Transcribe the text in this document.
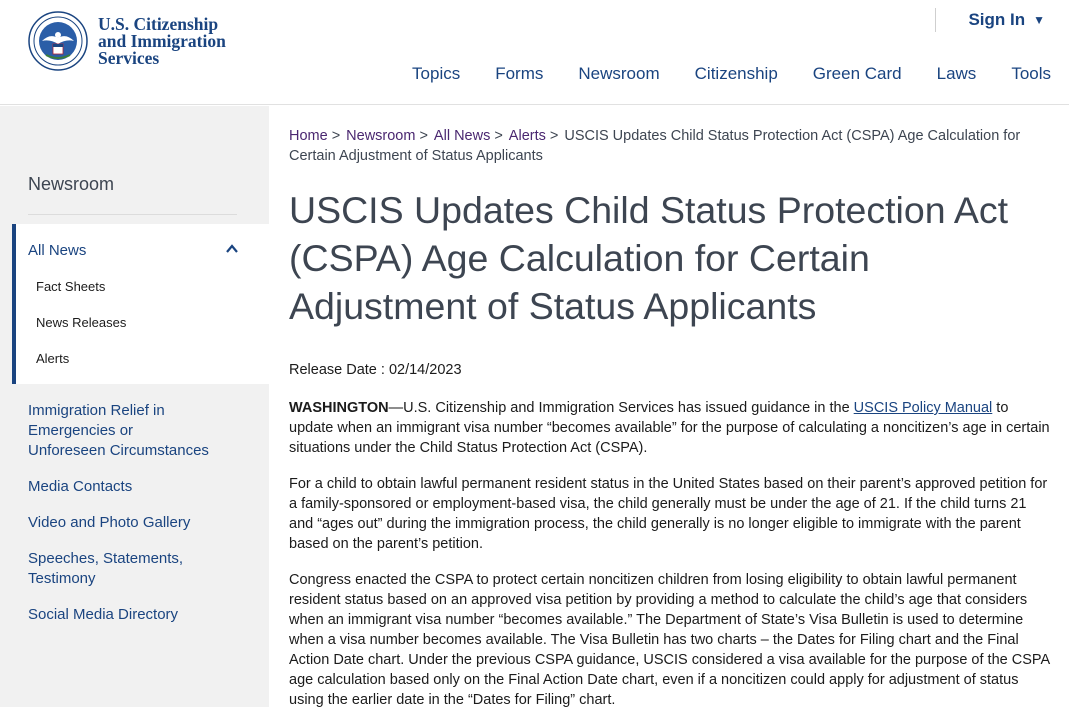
U.S. Citizenship
and Immigration
Services
Sign In ▼
Topics Forms Newsroom Citizenship Green Card Laws Tools
Newsroom
All News
Fact Sheets
News Releases
Alerts
Immigration Relief in Emergencies or Unforeseen Circumstances
Media Contacts
Video and Photo Gallery
Speeches, Statements, Testimony
Social Media Directory
Home > Newsroom > All News > Alerts > USCIS Updates Child Status Protection Act (CSPA) Age Calculation for Certain Adjustment of Status Applicants
USCIS Updates Child Status Protection Act (CSPA) Age Calculation for Certain Adjustment of Status Applicants
Release Date : 02/14/2023

WASHINGTON—U.S. Citizenship and Immigration Services has issued guidance in the USCIS Policy Manual to update when an immigrant visa number “becomes available” for the purpose of calculating a noncitizen’s age in certain situations under the Child Status Protection Act (CSPA).

For a child to obtain lawful permanent resident status in the United States based on their parent’s approved petition for a family-sponsored or employment-based visa, the child generally must be under the age of 21. If the child turns 21 and “ages out” during the immigration process, the child generally is no longer eligible to immigrate with the parent based on the parent’s petition.

Congress enacted the CSPA to protect certain noncitizen children from losing eligibility to obtain lawful permanent resident status based on an approved visa petition by providing a method to calculate the child’s age that considers when an immigrant visa number “becomes available.” The Department of State’s Visa Bulletin is used to determine when a visa number becomes available. The Visa Bulletin has two charts – the Dates for Filing chart and the Final Action Date chart. Under the previous CSPA guidance, USCIS considered a visa available for the purpose of the CSPA age calculation based only on the Final Action Date chart, even if a noncitizen could apply for adjustment of status using the earlier date in the “Dates for Filing” chart.
